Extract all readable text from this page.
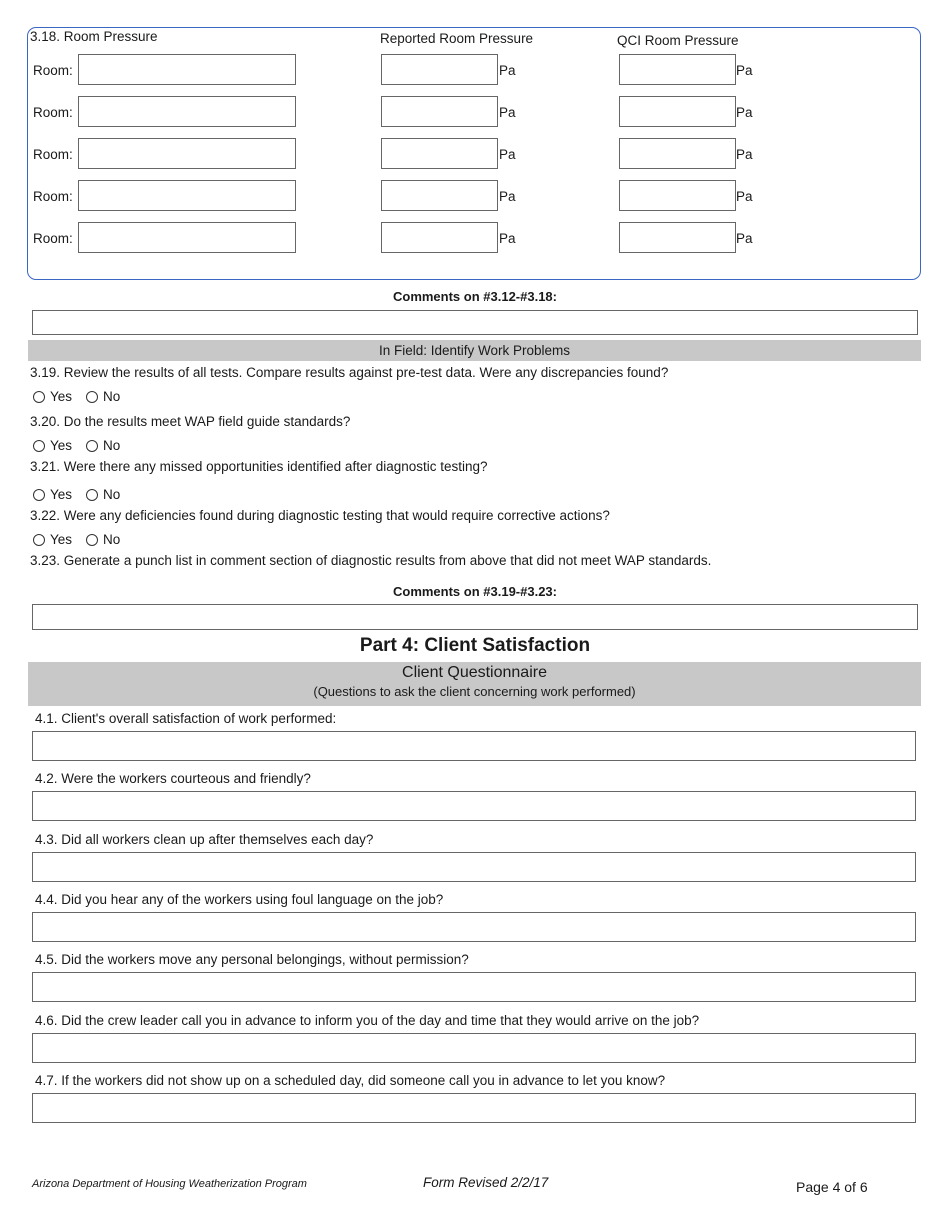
3.18. Room Pressure	Reported Room Pressure	QCI Room Pressure
Room:	Pa	Pa
Room:	Pa	Pa
Room:	Pa	Pa
Room:	Pa	Pa
Room:	Pa	Pa
Comments on #3.12-#3.18:
In Field: Identify Work Problems
3.19. Review the results of all tests. Compare results against pre-test data. Were any discrepancies found?
Yes No
3.20. Do the results meet WAP field guide standards?
Yes No
3.21. Were there any missed opportunities identified after diagnostic testing?
Yes No
3.22. Were any deficiencies found during diagnostic testing that would require corrective actions?
Yes No
3.23. Generate a punch list in comment section of diagnostic results from above that did not meet WAP standards.
Comments on #3.19-#3.23:
Part 4: Client Satisfaction
Client Questionnaire
(Questions to ask the client concerning work performed)
4.1. Client's overall satisfaction of work performed:
4.2. Were the workers courteous and friendly?
4.3. Did all workers clean up after themselves each day?
4.4. Did you hear any of the workers using foul language on the job?
4.5. Did the workers move any personal belongings, without permission?
4.6. Did the crew leader call you in advance to inform you of the day and time that they would arrive on the job?
4.7. If the workers did not show up on a scheduled day, did someone call you in advance to let you know?
Arizona Department of Housing Weatherization Program	Form Revised 2/2/17	Page 4 of 6
